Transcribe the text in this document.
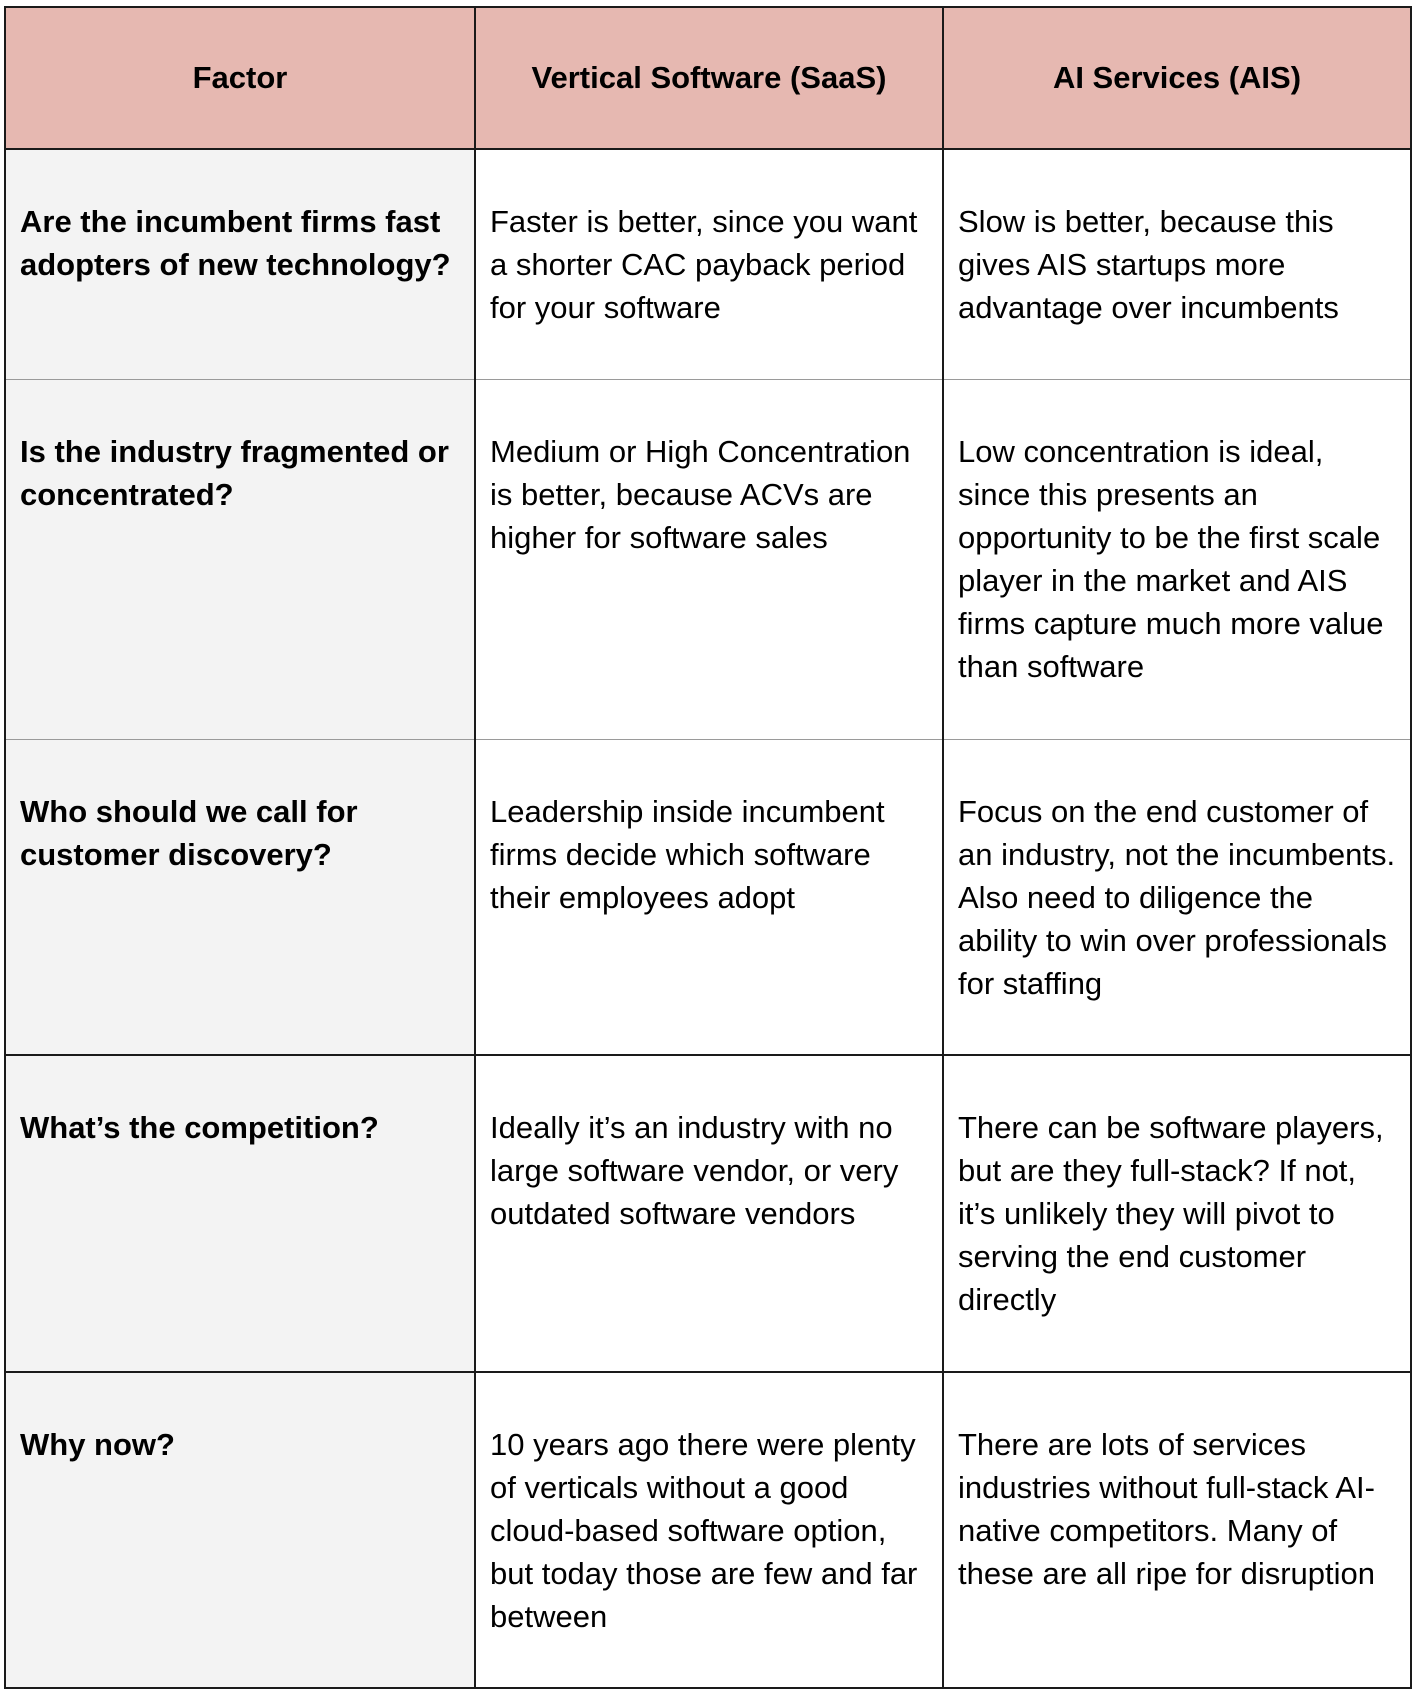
Factor	Vertical Software (SaaS)	AI Services (AIS)
Are the incumbent firms fast adopters of new technology?	Faster is better, since you want a shorter CAC payback period for your software	Slow is better, because this gives AIS startups more advantage over incumbents
Is the industry fragmented or concentrated?	Medium or High Concentration is better, because ACVs are higher for software sales	Low concentration is ideal, since this presents an opportunity to be the first scale player in the market and AIS firms capture much more value than software
Who should we call for customer discovery?	Leadership inside incumbent firms decide which software their employees adopt	Focus on the end customer of an industry, not the incumbents. Also need to diligence the ability to win over professionals for staffing
What’s the competition?	Ideally it’s an industry with no large software vendor, or very outdated software vendors	There can be software players, but are they full-stack? If not, it’s unlikely they will pivot to serving the end customer directly
Why now?	10 years ago there were plenty of verticals without a good cloud-based software option, but today those are few and far between	There are lots of services industries without full-stack AI-native competitors. Many of these are all ripe for disruption
